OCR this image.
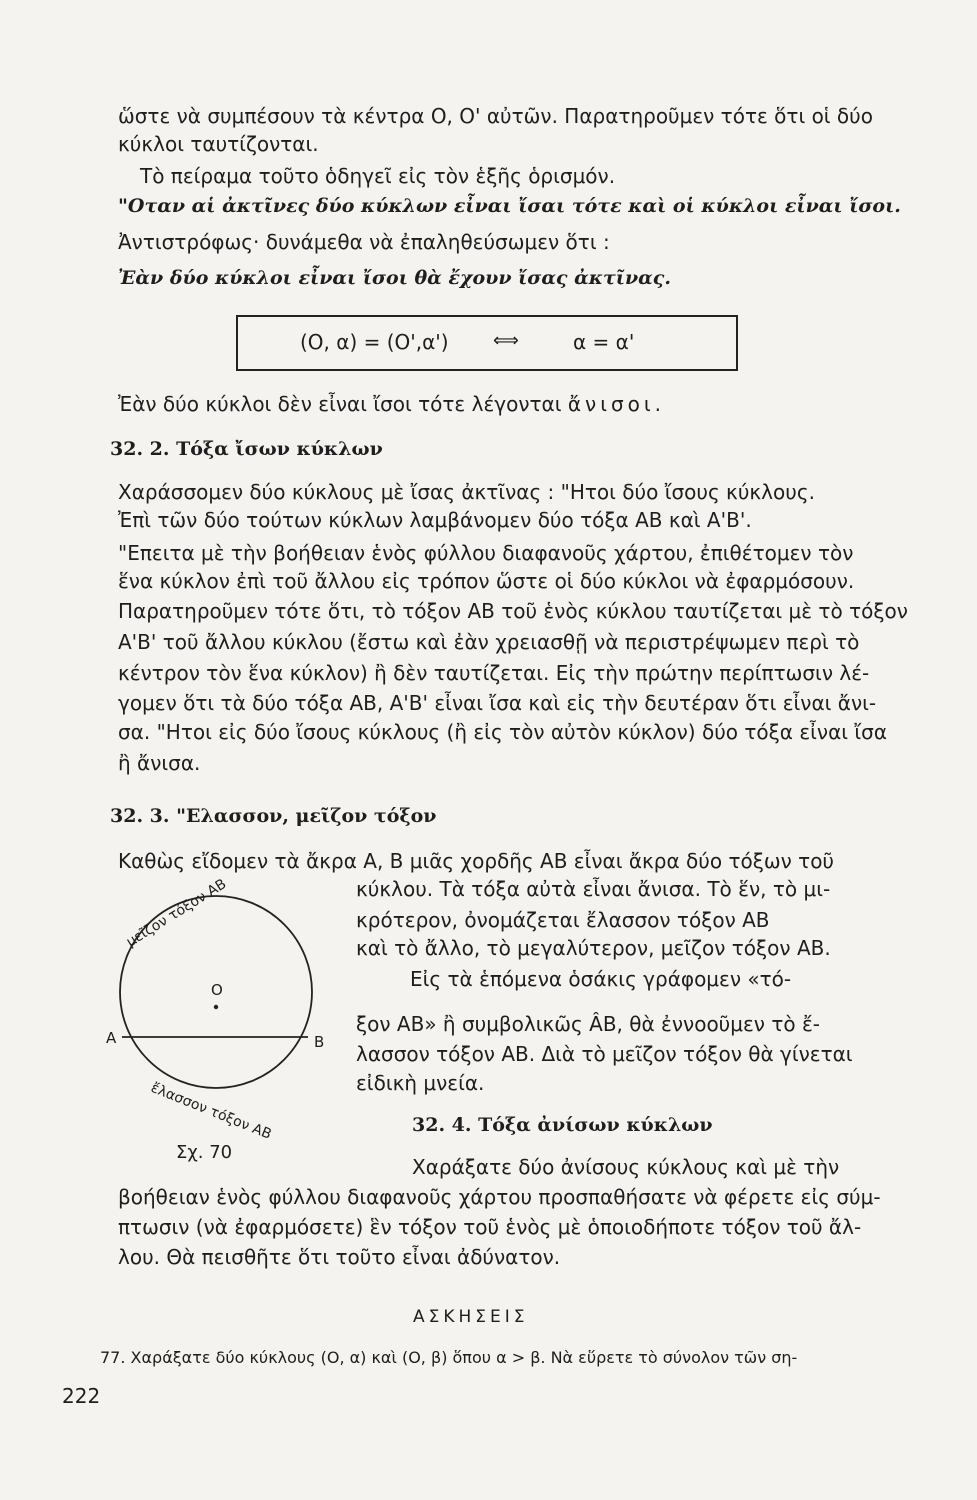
ὥστε νὰ συμπέσουν τὰ κέντρα Ο, Ο' αὐτῶν. Παρατηροῦμεν τότε ὅτι οἱ δύο
κύκλοι ταυτίζονται.
Τὸ πείραμα τοῦτο ὁδηγεῖ εἰς τὸν ἑξῆς ὁρισμόν.
"Οταν αἱ ἀκτῖνες δύο κύκλων εἶναι ἴσαι τότε καὶ οἱ κύκλοι εἶναι ἴσοι.
Ἀντιστρόφως· δυνάμεθα νὰ ἐπαληθεύσωμεν ὅτι :
Ἐὰν δύο κύκλοι εἶναι ἴσοι θὰ ἔχουν ἴσας ἀκτῖνας.
(Ο, α) = (Ο',α') ⟺	α = α'
Ἐὰν δύο κύκλοι δὲν εἶναι ἴσοι τότε λέγονται ἄνισοι.
32. 2. Τόξα ἴσων κύκλων
Χαράσσομεν δύο κύκλους μὲ ἴσας ἀκτῖνας : "Ητοι δύο ἴσους κύκλους.
Ἐπὶ τῶν δύο τούτων κύκλων λαμβάνομεν δύο τόξα ΑΒ καὶ Α'Β'.
"Επειτα μὲ τὴν βοήθειαν ἑνὸς φύλλου διαφανοῦς χάρτου, ἐπιθέτομεν τὸν
ἕνα κύκλον ἐπὶ τοῦ ἄλλου εἰς τρόπον ὥστε οἱ δύο κύκλοι νὰ ἐφαρμόσουν.
Παρατηροῦμεν τότε ὅτι, τὸ τόξον ΑΒ τοῦ ἑνὸς κύκλου ταυτίζεται μὲ τὸ τόξον
Α'Β' τοῦ ἄλλου κύκλου (ἔστω καὶ ἐὰν χρειασθῇ νὰ περιστρέψωμεν περὶ τὸ
κέντρον τὸν ἕνα κύκλον) ἢ δὲν ταυτίζεται. Εἰς τὴν πρώτην περίπτωσιν λέ-
γομεν ὅτι τὰ δύο τόξα ΑΒ, Α'Β' εἶναι ἴσα καὶ εἰς τὴν δευτέραν ὅτι εἶναι ἄνι-
σα. "Ητοι εἰς δύο ἴσους κύκλους (ἢ εἰς τὸν αὐτὸν κύκλον) δύο τόξα εἶναι ἴσα
ἢ ἄνισα.
32. 3. "Ελασσον, μεῖζον τόξον
Καθὼς εἴδομεν τὰ ἄκρα Α, Β μιᾶς χορδῆς ΑΒ εἶναι ἄκρα δύο τόξων τοῦ
κύκλου. Τὰ τόξα αὐτὰ εἶναι ἄνισα. Τὸ ἕν, τὸ μι-
κρότερον, ὀνομάζεται ἔλασσον τόξον ΑΒ
καὶ τὸ ἄλλο, τὸ μεγαλύτερον, μεῖζον τόξον ΑΒ.
Εἰς τὰ ἑπόμενα ὁσάκις γράφομεν «τό-
ξον ΑΒ» ἢ συμβολικῶς ÂB, θὰ ἐννοοῦμεν τὸ ἔ-
λασσον τόξον ΑΒ. Διὰ τὸ μεῖζον τόξον θὰ γίνεται
εἰδικὴ μνεία.
Ο
Α	Β
μεῖζον τόξον ΑΒ
ἔλασσον τόξον ΑΒ
Σχ. 70
32. 4. Τόξα ἀνίσων κύκλων
Χαράξατε δύο ἀνίσους κύκλους καὶ μὲ τὴν
βοήθειαν ἑνὸς φύλλου διαφανοῦς χάρτου προσπαθήσατε νὰ φέρετε εἰς σύμ-
πτωσιν (νὰ ἐφαρμόσετε) ἓν τόξον τοῦ ἑνὸς μὲ ὁποιοδήποτε τόξον τοῦ ἄλ-
λου. Θὰ πεισθῆτε ὅτι τοῦτο εἶναι ἀδύνατον.
ΑΣΚΗΣΕΙΣ
77. Χαράξατε δύο κύκλους (Ο, α) καὶ (Ο, β) ὅπου α > β. Νὰ εὕρετε τὸ σύνολον τῶν ση-
222
